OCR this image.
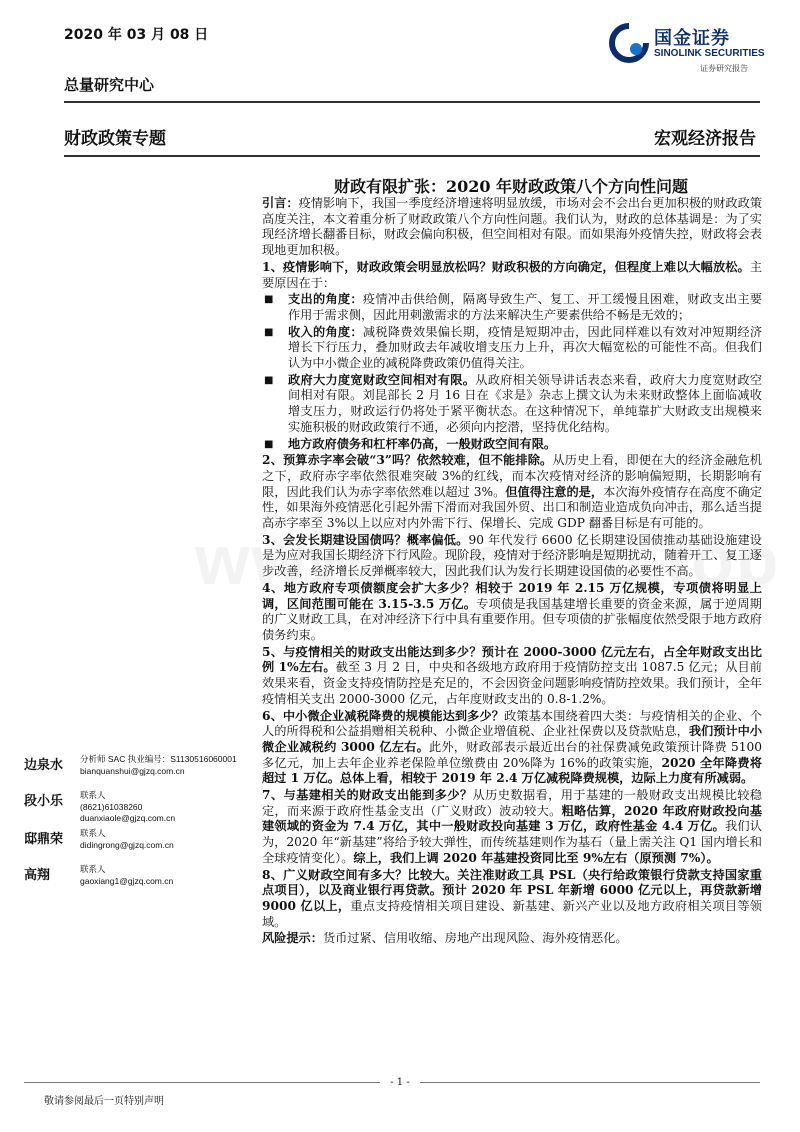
2020 年 03 月 08 日	国金证券
SINOLINK SECURITIES
证券研究报告
总量研究中心
财政政策专题	宏观经济报告
财政有限扩张：2020 年财政政策八个方向性问题

引言：疫情影响下，我国一季度经济增速将明显放缓，市场对会不会出台更加积极的财政政策高度关注，本文着重分析了财政政策八个方向性问题。我们认为，财政的总体基调是：为了实现经济增长翻番目标，财政会偏向积极，但空间相对有限。而如果海外疫情失控，财政将会表现地更加积极。

1、疫情影响下，财政政策会明显放松吗？财政积极的方向确定，但程度上难以大幅放松。主要原因在于：

■ 支出的角度：疫情冲击供给侧，隔离导致生产、复工、开工缓慢且困难，财政支出主要作用于需求侧，因此用刺激需求的方法来解决生产要素供给不畅是无效的；

■ 收入的角度：减税降费效果偏长期，疫情是短期冲击，因此同样难以有效对冲短期经济增长下行压力，叠加财政去年减收增支压力上升，再次大幅宽松的可能性不高。但我们认为中小微企业的减税降费政策仍值得关注。

■ 政府大力度宽财政空间相对有限。从政府相关领导讲话表态来看，政府大力度宽财政空间相对有限。刘昆部长 2 月 16 日在《求是》杂志上撰文认为未来财政整体上面临减收增支压力，财政运行仍将处于紧平衡状态。在这种情况下，单纯靠扩大财政支出规模来实施积极的财政政策行不通，必须向内挖潜，坚持优化结构。

■ 地方政府债务和杠杆率仍高，一般财政空间有限。

2、预算赤字率会破“3”吗？依然较难，但不能排除。从历史上看，即便在大的经济金融危机之下，政府赤字率依然很难突破 3%的红线，而本次疫情对经济的影响偏短期，长期影响有限，因此我们认为赤字率依然难以超过 3%。但值得注意的是，本次海外疫情存在高度不确定性，如果海外疫情恶化引起外需下滑而对我国外贸、出口和制造业造成负向冲击，那么适当提高赤字率至 3%以上以应对内外需下行、保增长、完成 GDP 翻番目标是有可能的。

3、会发长期建设国债吗？概率偏低。90 年代发行 6600 亿长期建设国债推动基础设施建设是为应对我国长期经济下行风险。现阶段，疫情对于经济影响是短期扰动，随着开工、复工逐步改善，经济增长反弹概率较大，因此我们认为发行长期建设国债的必要性不高。

4、地方政府专项债额度会扩大多少？相较于 2019 年 2.15 万亿规模，专项债将明显上调，区间范围可能在 3.15-3.5 万亿。专项债是我国基建增长重要的资金来源，属于逆周期的广义财政工具，在对冲经济下行中具有重要作用。但专项债的扩张幅度依然受限于地方政府债务约束。

5、与疫情相关的财政支出能达到多少？预计在 2000-3000 亿元左右，占全年财政支出比例 1%左右。截至 3 月 2 日，中央和各级地方政府用于疫情防控支出 1087.5 亿元；从目前效果来看，资金支持疫情防控是充足的，不会因资金问题影响疫情防控效果。我们预计，全年疫情相关支出 2000-3000 亿元，占年度财政支出的 0.8-1.2%。

6、中小微企业减税降费的规模能达到多少？政策基本围绕着四大类：与疫情相关的企业、个人的所得税和公益捐赠相关税种、小微企业增值税、企业社保费以及贷款贴息，我们预计中小微企业减税约 3000 亿左右。此外，财政部表示最近出台的社保费减免政策预计降费 5100 多亿元，加上去年企业养老保险单位缴费由 20%降为 16%的政策实施，2020 全年降费将超过 1 万亿。总体上看，相较于 2019 年 2.4 万亿减税降费规模，边际上力度有所减弱。

7、与基建相关的财政支出能到多少？从历史数据看，用于基建的一般财政支出规模比较稳定，而来源于政府性基金支出（广义财政）波动较大。粗略估算，2020 年政府财政投向基建领域的资金为 7.4 万亿，其中一般财政投向基建 3 万亿，政府性基金 4.4 万亿。我们认为，2020 年“新基建”将给予较大弹性，而传统基建则作为基石（量上需关注 Q1 国内增长和全球疫情变化）。综上，我们上调 2020 年基建投资同比至 9%左右（原预测 7%）。

8、广义财政空间有多大？比较大。关注准财政工具 PSL（央行给政策银行贷款支持国家重点项目），以及商业银行再贷款。预计 2020 年 PSL 年新增 6000 亿元以上，再贷款新增 9000 亿以上，重点支持疫情相关项目建设、新基建、新兴产业以及地方政府相关项目等领域。

风险提示：货币过紧、信用收缩、房地产出现风险、海外疫情恶化。

边泉水	分析师 SAC 执业编号：S1130516060001
bianquanshui@gjzq.com.cn
段小乐	联系人
(8621)61038260
duanxiaole@gjzq.com.cn
邸鼎荣	联系人
didingrong@gjzq.com.cn
高翔	联系人
gaoxiang1@gjzq.com.cn
- 1 -
敬请参阅最后一页特别声明
